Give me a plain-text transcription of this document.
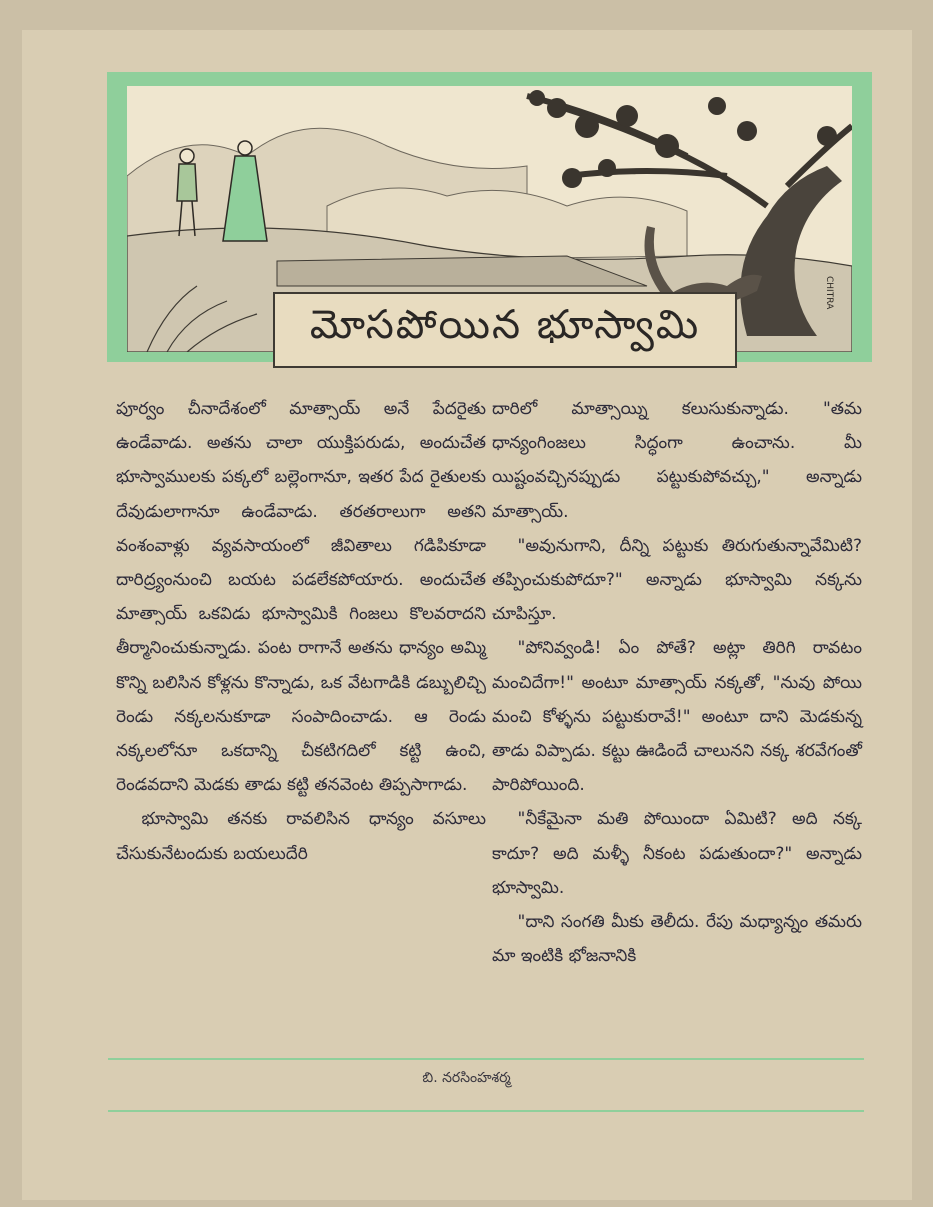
CHITRA
మోసపోయిన భూస్వామి

పూర్వం చీనాదేశంలో మాత్సాయ్ అనే పేదరైతు ఉండేవాడు. అతను చాలా యుక్తిపరుడు, అందుచేత భూస్వాములకు పక్కలో బల్లెంగానూ, ఇతర పేద రైతులకు దేవుడులాగానూ ఉండేవాడు. తరతరాలుగా అతని వంశంవాళ్లు వ్యవసాయంలో జీవితాలు గడిపికూడా దారిద్ర్యంనుంచి బయట పడలేకపోయారు. అందుచేత మాత్సాయ్ ఒకవిడు భూస్వామికి గింజలు కొలవరాదని తీర్మానించుకున్నాడు. పంట రాగానే అతను ధాన్యం అమ్మి కొన్ని బలిసిన కోళ్లను కొన్నాడు, ఒక వేటగాడికి డబ్బులిచ్చి రెండు నక్కలనుకూడా సంపాదించాడు. ఆ రెండు నక్కలలోనూ ఒకదాన్ని చీకటిగదిలో కట్టి ఉంచి, రెండవదాని మెడకు తాడు కట్టి తనవెంట తిప్పసాగాడు.

భూస్వామి తనకు రావలిసిన ధాన్యం వసూలు చేసుకునేటందుకు బయలుదేరి

దారిలో మాత్సాయ్ని కలుసుకున్నాడు. "తమ ధాన్యంగింజలు సిద్ధంగా ఉంచాను. మీ యిష్టంవచ్చినప్పుడు పట్టుకుపోవచ్చు," అన్నాడు మాత్సాయ్.

"అవునుగాని, దీన్ని పట్టుకు తిరుగుతున్నావేమిటి? తప్పించుకుపోదూ?" అన్నాడు భూస్వామి నక్కను చూపిస్తూ.

"పోనివ్వండి! ఏం పోతే? అట్లా తిరిగి రావటం మంచిదేగా!" అంటూ మాత్సాయ్ నక్కతో, "నువు పోయి మంచి కోళ్ళను పట్టుకురావే!" అంటూ దాని మెడకున్న తాడు విప్పాడు. కట్టు ఊడిందే చాలునని నక్క శరవేగంతో పారిపోయింది.

"నీకేమైనా మతి పోయిందా ఏమిటి? అది నక్క కాదూ? అది మళ్ళీ నీకంట పడుతుందా?" అన్నాడు భూస్వామి.

"దాని సంగతి మీకు తెలీదు. రేపు మధ్యాన్నం తమరు మా ఇంటికి భోజనానికి

బి. నరసింహశర్మ
